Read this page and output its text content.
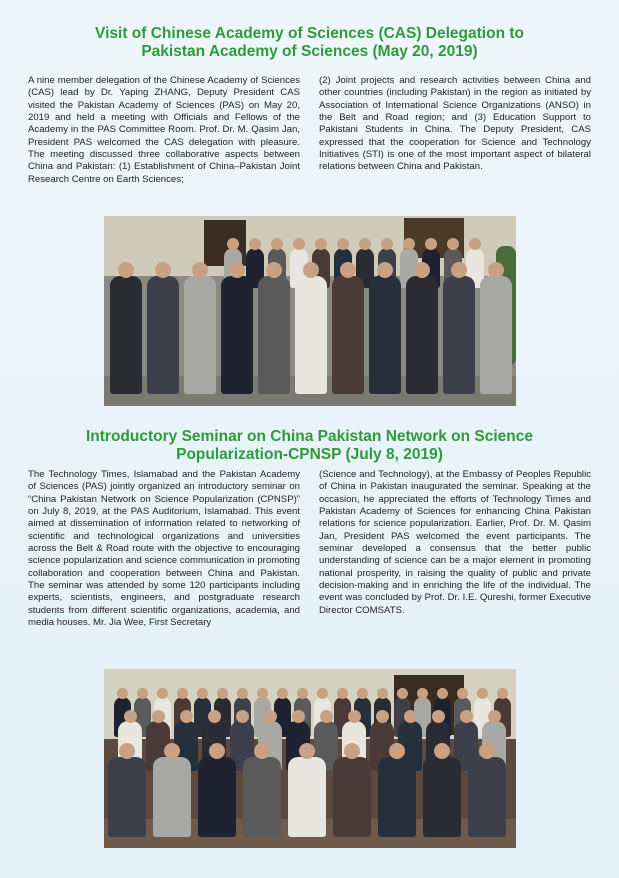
Visit of Chinese Academy of Sciences (CAS) Delegation to
Pakistan Academy of Sciences (May 20, 2019)

A nine member delegation of the Chinese Academy of Sciences (CAS) lead by Dr. Yaping ZHANG, Deputy President CAS visited the Pakistan Academy of Sciences (PAS) on May 20, 2019 and held a meeting with Officials and Fellows of the Academy in the PAS Committee Room. Prof. Dr. M. Qasim Jan, President PAS welcomed the CAS delegation with pleasure. The meeting discussed three collaborative aspects between China and Pakistan: (1) Establishment of China–Pakistan Joint Research Centre on Earth Sciences;

(2) Joint projects and research activities between China and other countries (including Pakistan) in the region as initiated by Association of International Science Organizations (ANSO) in the Belt and Road region; and (3) Education Support to Pakistani Students in China. The Deputy President, CAS expressed that the cooperation for Science and Technology Initiatives (STI) is one of the most important aspect of bilateral relations between China and Pakistan.

Introductory Seminar on China Pakistan Network on Science
Popularization-CPNSP (July 8, 2019)

The Technology Times, Islamabad and the Pakistan Academy of Sciences (PAS) jointly organized an introductory seminar on “China Pakistan Network on Science Popularization (CPNSP)” on July 8, 2019, at the PAS Auditorium, Islamabad. This event aimed at dissemination of information related to networking of scientific and technological organizations and universities across the Belt & Road route with the objective to encouraging science popularization and science communication in promoting collaboration and cooperation between China and Pakistan. The seminar was attended by some 120 participants including experts, scientists, engineers, and postgraduate research students from different scientific organizations, academia, and media houses. Mr. Jia Wee, First Secretary

(Science and Technology), at the Embassy of Peoples Republic of China in Pakistan inaugurated the seminar. Speaking at the occasion, he appreciated the efforts of Technology Times and Pakistan Academy of Sciences for enhancing China Pakistan relations for science popularization. Earlier, Prof. Dr. M. Qasim Jan, President PAS welcomed the event participants. The seminar developed a consensus that the better public understanding of science can be a major element in promoting national prosperity, in raising the quality of public and private decision-making and in enriching the life of the individual. The event was concluded by Prof. Dr. I.E. Qureshi, former Executive Director COMSATS.
